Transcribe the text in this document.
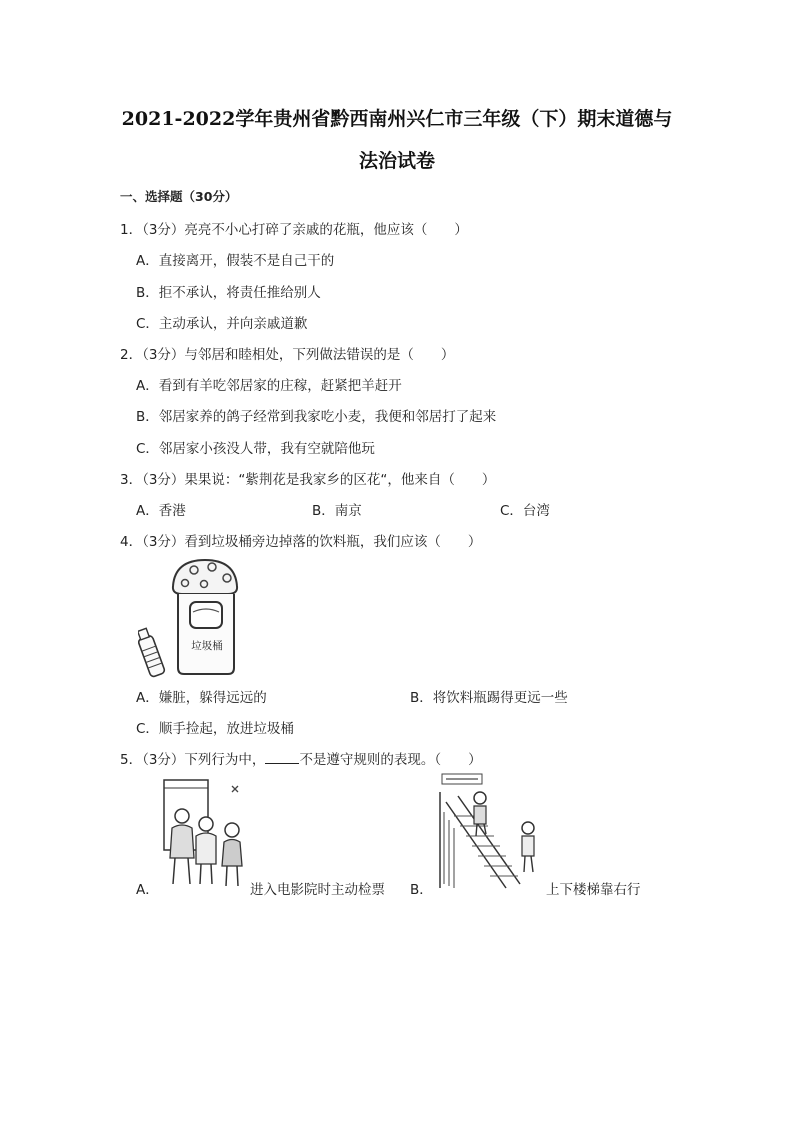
2021-2022学年贵州省黔西南州兴仁市三年级（下）期末道德与
法治试卷
一、选择题（30分）
1．（3分）亮亮不小心打碎了亲戚的花瓶，他应该（　　）
A．直接离开，假装不是自己干的
B．拒不承认，将责任推给别人
C．主动承认，并向亲戚道歉
2．（3分）与邻居和睦相处，下列做法错误的是（　　）
A．看到有羊吃邻居家的庄稼，赶紧把羊赶开
B．邻居家养的鸽子经常到我家吃小麦，我便和邻居打了起来
C．邻居家小孩没人带，我有空就陪他玩
3．（3分）果果说：“紫荆花是我家乡的区花“，他来自（　　）
A．香港	B．南京	C．台湾
4．（3分）看到垃圾桶旁边掉落的饮料瓶，我们应该（　　）
垃圾桶
A．嫌脏，躲得远远的	B．将饮料瓶踢得更远一些
C．顺手捡起，放进垃圾桶
5．（3分）下列行为中，	不是遵守规则的表现。（　　）
A．	进入电影院时主动检票 B．	上下楼梯靠右行
